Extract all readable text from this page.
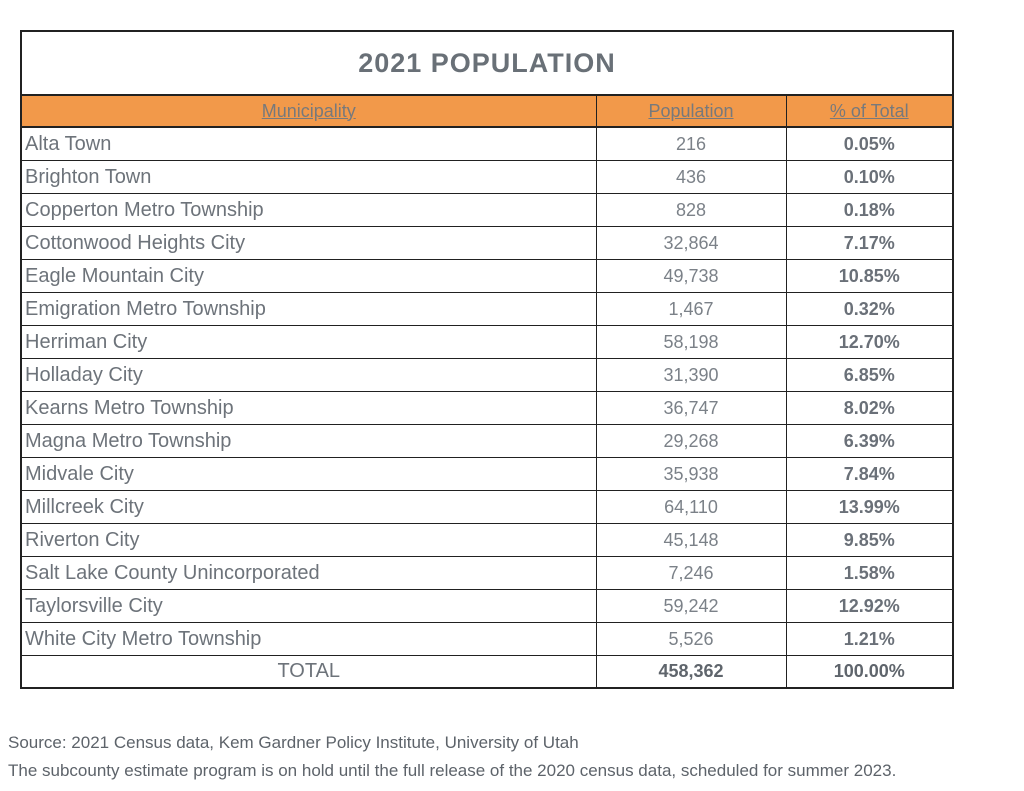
2021 POPULATION		
Municipality	Population	% of Total
Alta Town	216	0.05%
Brighton Town	436	0.10%
Copperton Metro Township	828	0.18%
Cottonwood Heights City	32,864	7.17%
Eagle Mountain City	49,738	10.85%
Emigration Metro Township	1,467	0.32%
Herriman City	58,198	12.70%
Holladay City	31,390	6.85%
Kearns Metro Township	36,747	8.02%
Magna Metro Township	29,268	6.39%
Midvale City	35,938	7.84%
Millcreek City	64,110	13.99%
Riverton City	45,148	9.85%
Salt Lake County Unincorporated	7,246	1.58%
Taylorsville City	59,242	12.92%
White City Metro Township	5,526	1.21%
TOTAL	458,362	100.00%

Source: 2021 Census data, Kem Gardner Policy Institute, University of Utah

The subcounty estimate program is on hold until the full release of the 2020 census data, scheduled for summer 2023.
